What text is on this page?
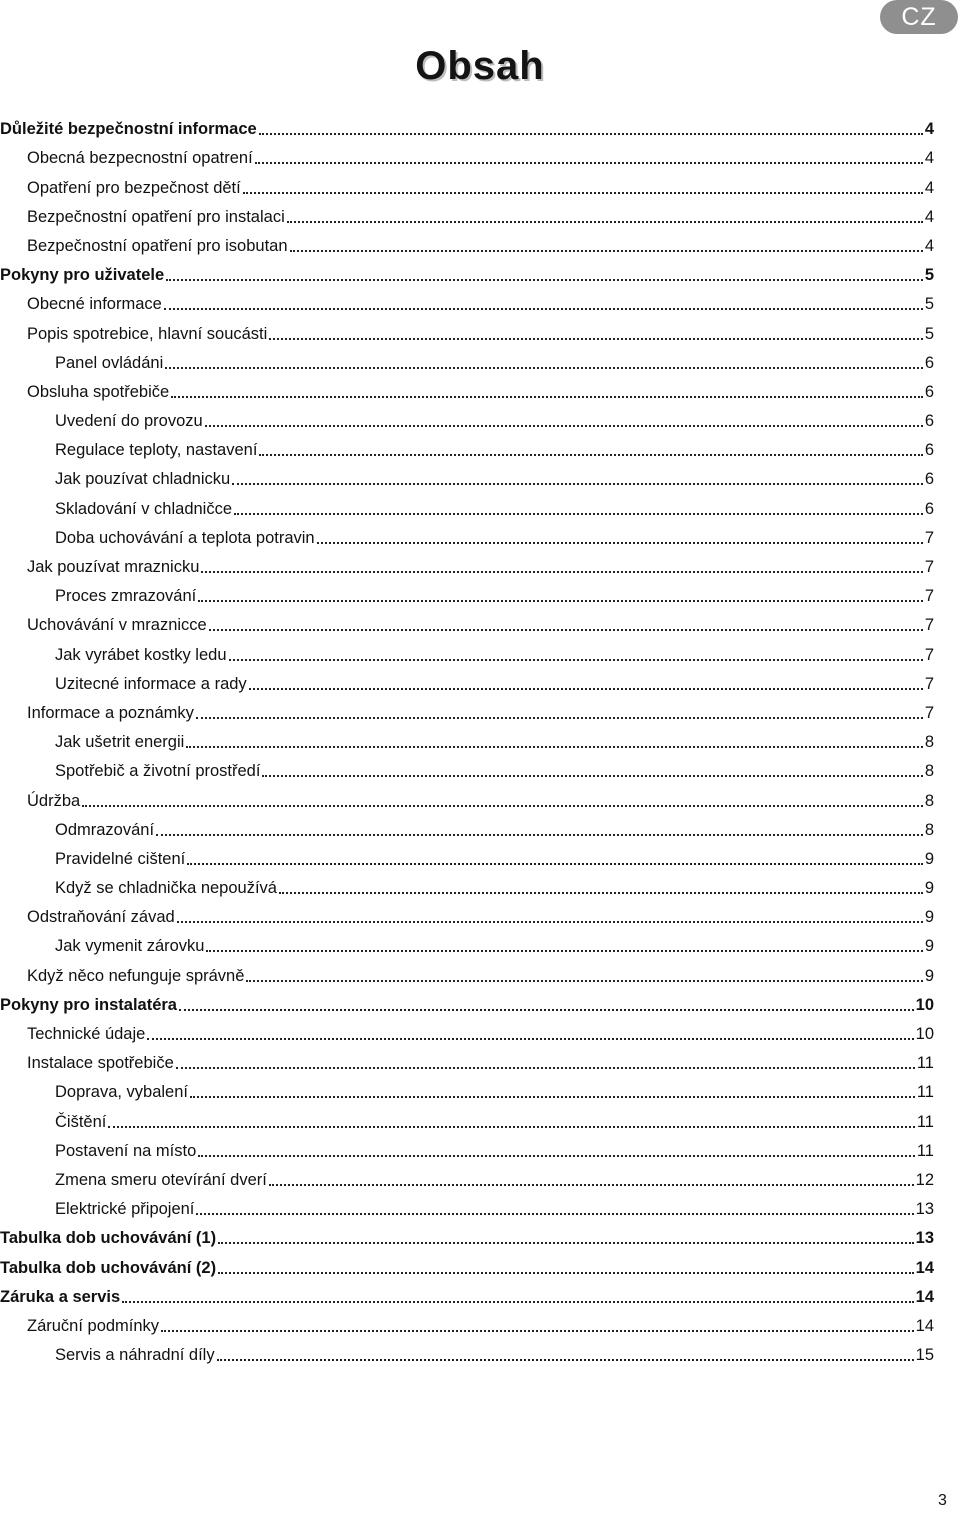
CZ
Obsah
Důležité bezpečnostní informace	4
Obecná bezpecnostní opatrení	4
Opatření pro bezpečnost dětí	4
Bezpečnostní opatření pro instalaci	4
Bezpečnostní opatření pro isobutan	4
Pokyny pro uživatele	5
Obecné informace	5
Popis spotrebice, hlavní soucásti	5
Panel ovládáni	6
Obsluha spotřebiče	6
Uvedení do provozu	6
Regulace teploty, nastavení	6
Jak pouzívat chladnicku	6
Skladování v chladničce	6
Doba uchovávání a teplota potravin	7
Jak pouzívat mraznicku	7
Proces zmrazování	7
Uchovávání v mraznicce	7
Jak vyrábet kostky ledu	7
Uzitecné informace a rady	7
Informace a poznámky	7
Jak ušetrit energii	8
Spotřebič a životní prostředí	8
Údržba	8
Odmrazování	8
Pravidelné cištení	9
Když se chladnička nepoužívá	9
Odstraňování závad	9
Jak vymenit zárovku	9
Když něco nefunguje správně	9
Pokyny pro instalatéra	10
Technické údaje	10
Instalace spotřebiče	11
Doprava, vybalení	11
Čištění	11
Postavení na místo	11
Zmena smeru otevírání dverí	12
Elektrické připojení	13
Tabulka dob uchovávání (1)	13
Tabulka dob uchovávání (2)	14
Záruka a servis	14
Záruční podmínky	14
Servis a náhradní díly	15
3
